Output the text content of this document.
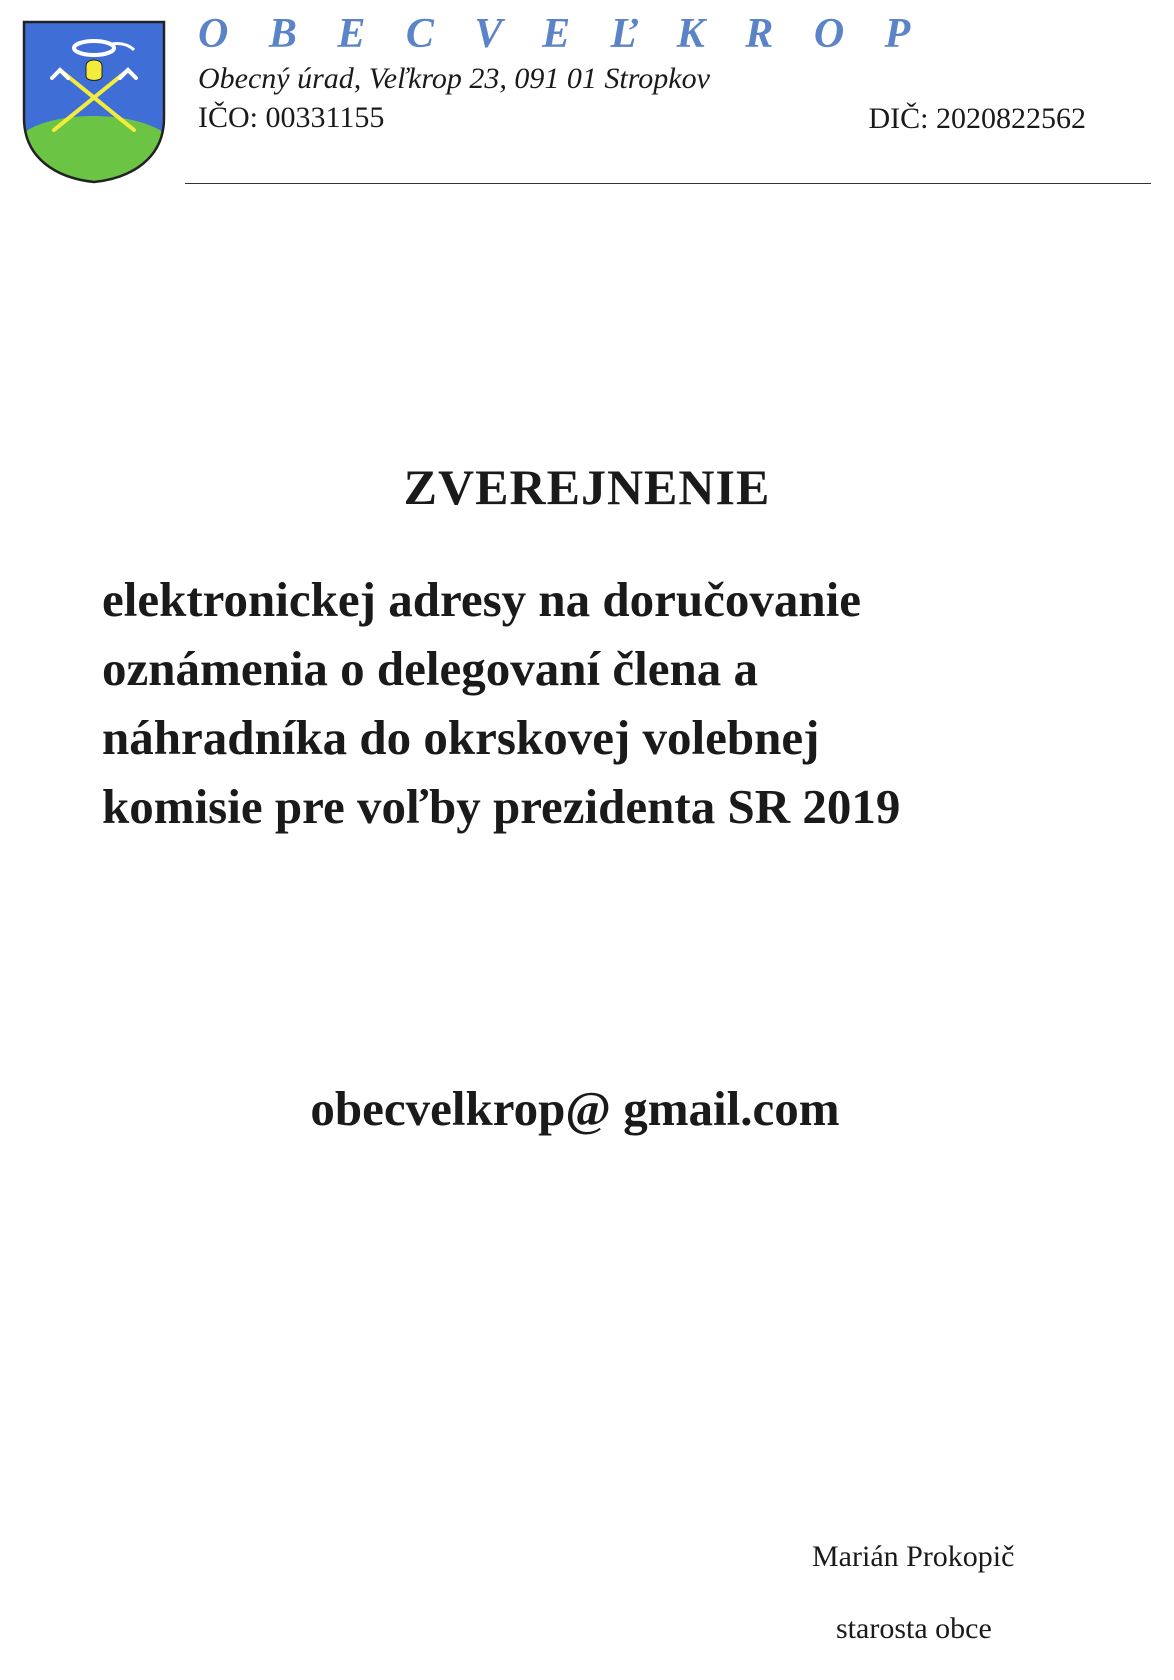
O B E C V E Ľ K R O P
Obecný úrad, Veľkrop 23, 091 01 Stropkov
IČO: 00331155	DIČ: 2020822562
ZVEREJNENIE

elektronickej adresy na doručovanie
oznámenia o delegovaní člena a
náhradníka do okrskovej volebnej
komisie pre voľby prezidenta SR 2019

obecvelkrop@ gmail.com
Marián Prokopič
starosta obce
